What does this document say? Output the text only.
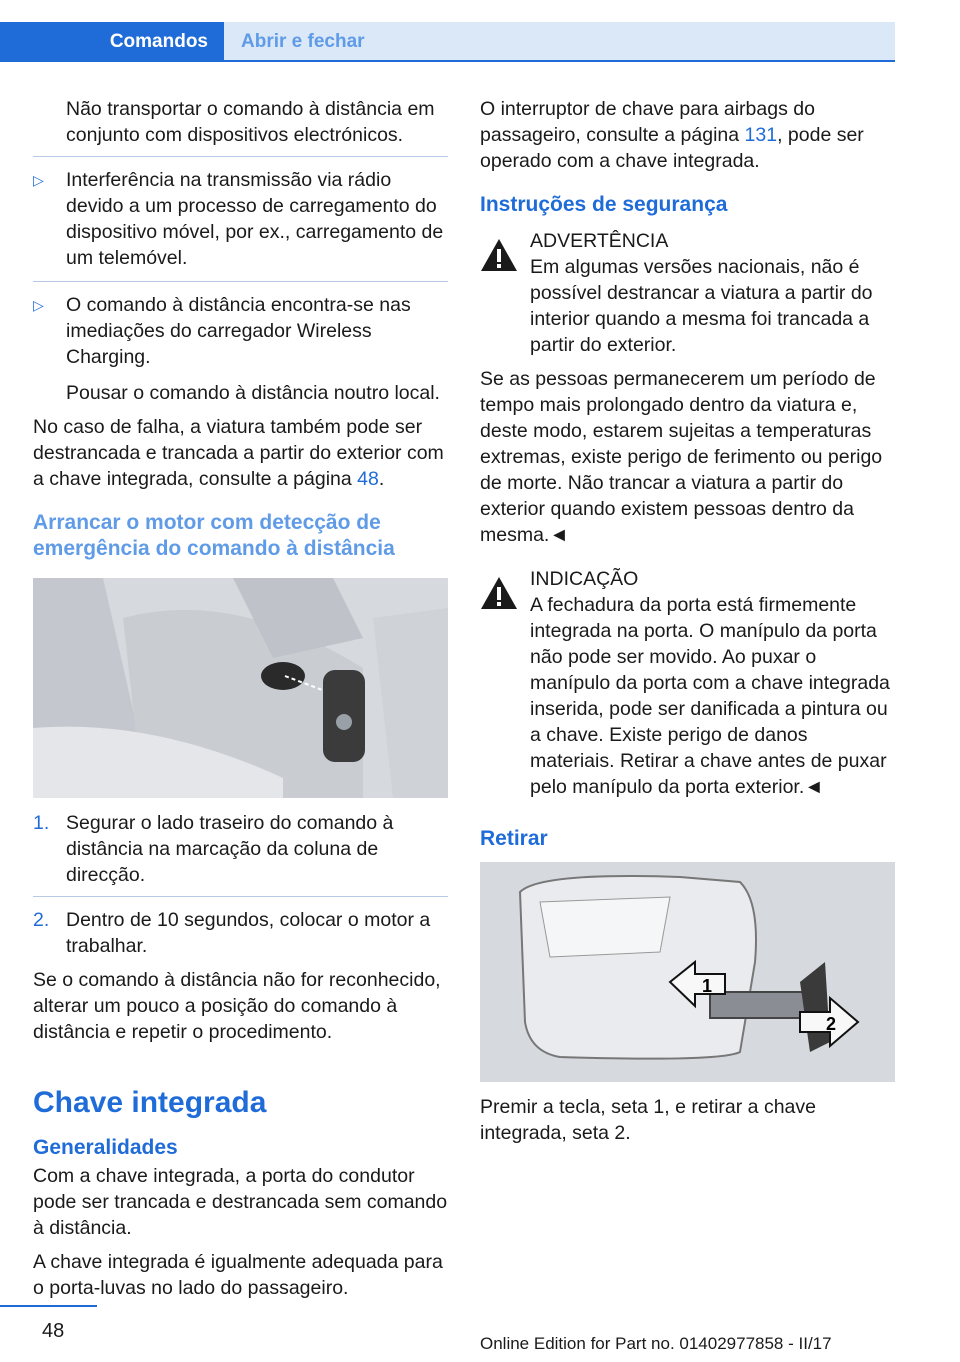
Comandos	Abrir e fechar

Não transportar o comando à distância em conjunto com dispositivos electrónicos.

▷ Interferência na transmissão via rádio devido a um processo de carregamento do dispositivo móvel, por ex., carregamento de um telemóvel.
▷ O comando à distância encontra-se nas imediações do carregador Wireless Charging.

Pousar o comando à distância noutro local.

No caso de falha, a viatura também pode ser destrancada e trancada a partir do exterior com a chave integrada, consulte a página 48.

Arrancar o motor com detecção de emergência do comando à distância
1. Segurar o lado traseiro do comando à distância na marcação da coluna de direcção.
2. Dentro de 10 segundos, colocar o motor a trabalhar.

Se o comando à distância não for reconhecido, alterar um pouco a posição do comando à distância e repetir o procedimento.

Chave integrada
Generalidades

Com a chave integrada, a porta do condutor pode ser trancada e destrancada sem comando à distância.

A chave integrada é igualmente adequada para o porta-luvas no lado do passageiro.

O interruptor de chave para airbags do passageiro, consulte a página 131, pode ser operado com a chave integrada.

Instruções de segurança

ADVERTÊNCIA

Em algumas versões nacionais, não é possível destrancar a viatura a partir do interior quando a mesma foi trancada a partir do exterior.

Se as pessoas permanecerem um período de tempo mais prolongado dentro da viatura e, deste modo, estarem sujeitas a temperaturas extremas, existe perigo de ferimento ou perigo de morte. Não trancar a viatura a partir do exterior quando existem pessoas dentro da mesma.◄

INDICAÇÃO

A fechadura da porta está firmemente integrada na porta. O manípulo da porta não pode ser movido. Ao puxar o manípulo da porta com a chave integrada inserida, pode ser danificada a pintura ou a chave. Existe perigo de danos materiais. Retirar a chave antes de puxar pelo manípulo da porta exterior.◄

Retirar
1
2

Premir a tecla, seta 1, e retirar a chave integrada, seta 2.

48
Online Edition for Part no. 01402977858 - II/17
